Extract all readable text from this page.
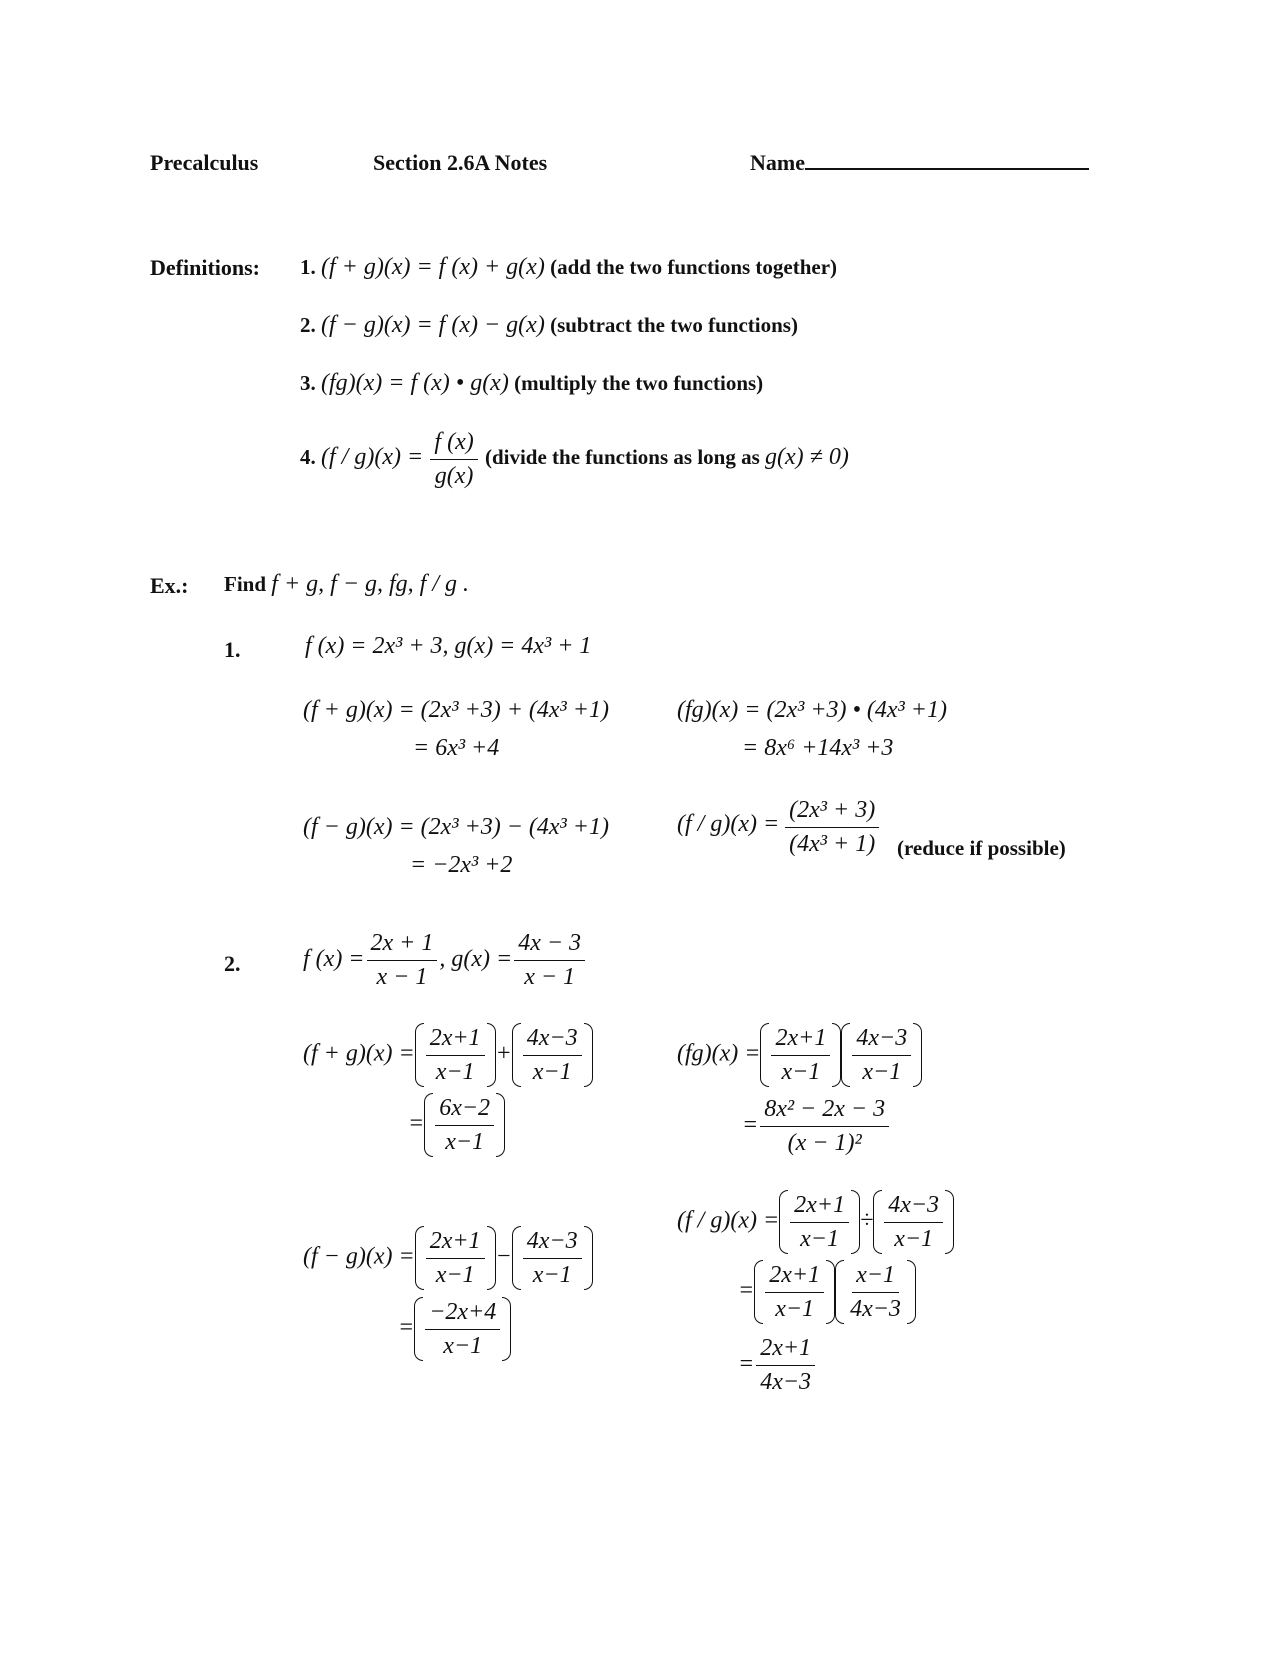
Precalculus	Section 2.6A Notes	Name
Definitions: 1. (f + g)(x) = f (x) + g(x) (add the two functions together)
2. (f − g)(x) = f (x) − g(x) (subtract the two functions)
3. (fg)(x) = f (x) • g(x) (multiply the two functions)
4. $(f / g)(x) = \frac{f (x)}{g(x)}$ (divide the functions as long as g(x) ≠ 0)
Ex.: Find f + g, f − g, fg, f / g .
1.	f (x) = 2x³ + 3, g(x) = 4x³ + 1
(f + g)(x) = (2x³ +3) + (4x³ +1)
= 6x³ +4
(fg)(x) = (2x³ +3) • (4x³ +1)
= 8x⁶ +14x³ +3
(f − g)(x) = (2x³ +3) − (4x³ +1)
= −2x³ +2
$(f / g)(x) = \frac{\text{(2x³ + 3)}}{\text{(4x³ + 1)}}$ (reduce if possible)
2.	f $(x) = \frac{2x + 1}{x - 1}$ , $g(x) = \frac{4x - 3}{x - 1}$
$(f + g)(x) = \frac{2x+1}{x-1} + \frac{4x-3}{x-1}$
= $\frac{6x-2}{x-1}$
$(f - g)(x) = \frac{2x+1}{x-1} - \frac{4x-3}{x-1}$
= $\frac{-2x+4}{x-1}$
$(fg)(x) = \frac{2x+1}{x-1} \frac{4x-3}{x-1}$
= $\frac{\text{8x² − 2x − 3}}{\text{(x − 1)²}}$
$(f / g)(x) = \frac{2x+1}{x-1} \div \frac{4x-3}{x-1}$
= $\frac{2x+1}{x-1} \frac{x-1}{4x-3}$
= $\frac{2x+1}{4x-3}$
